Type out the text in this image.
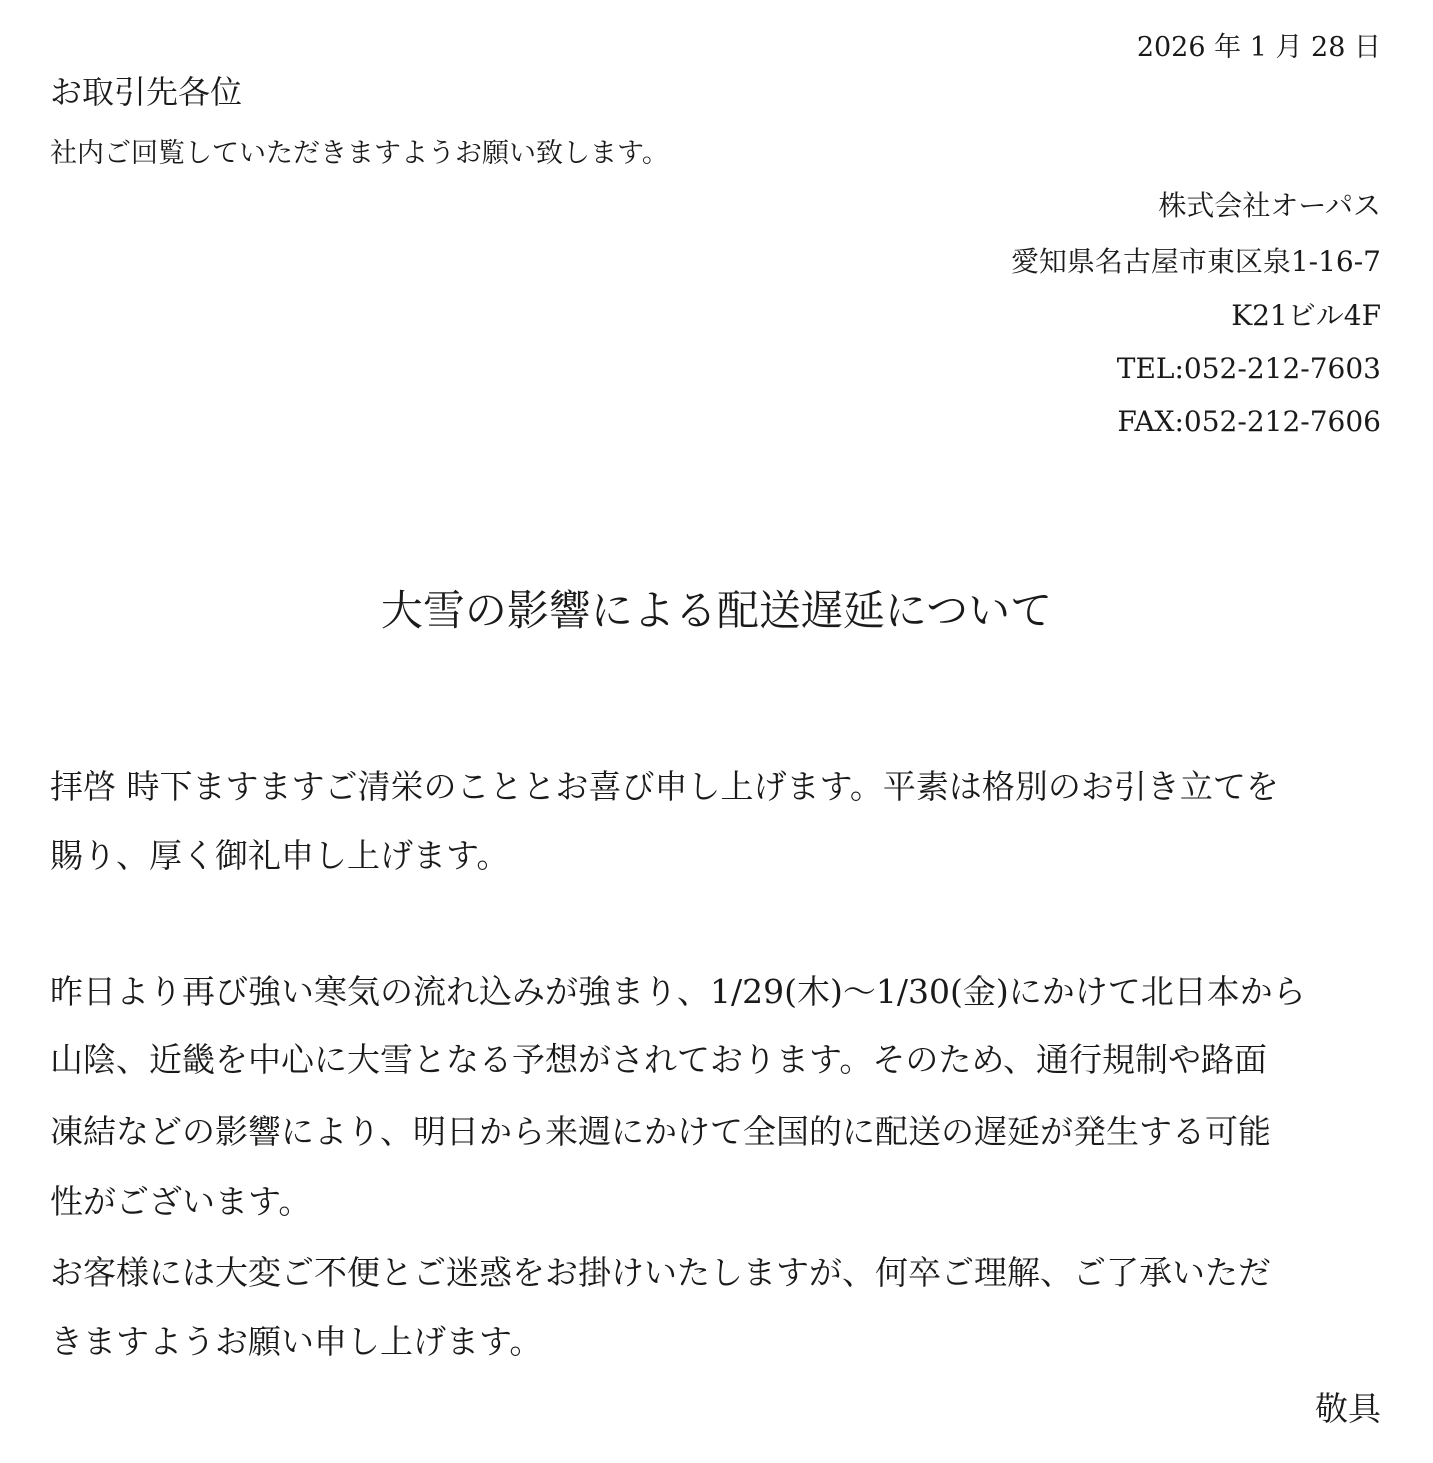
2026 年 1 月 28 日
お取引先各位
社内ご回覧していただきますようお願い致します。
株式会社オーパス
愛知県名古屋市東区泉1-16-7
K21ビル4F
TEL:052-212-7603
FAX:052-212-7606
大雪の影響による配送遅延について
拝啓 時下ますますご清栄のこととお喜び申し上げます。平素は格別のお引き立てを
賜り、厚く御礼申し上げます。
昨日より再び強い寒気の流れ込みが強まり、1/29(木)～1/30(金)にかけて北日本から
山陰、近畿を中心に大雪となる予想がされております。そのため、通行規制や路面
凍結などの影響により、明日から来週にかけて全国的に配送の遅延が発生する可能
性がございます。
お客様には大変ご不便とご迷惑をお掛けいたしますが、何卒ご理解、ご了承いただ
きますようお願い申し上げます。
敬具
